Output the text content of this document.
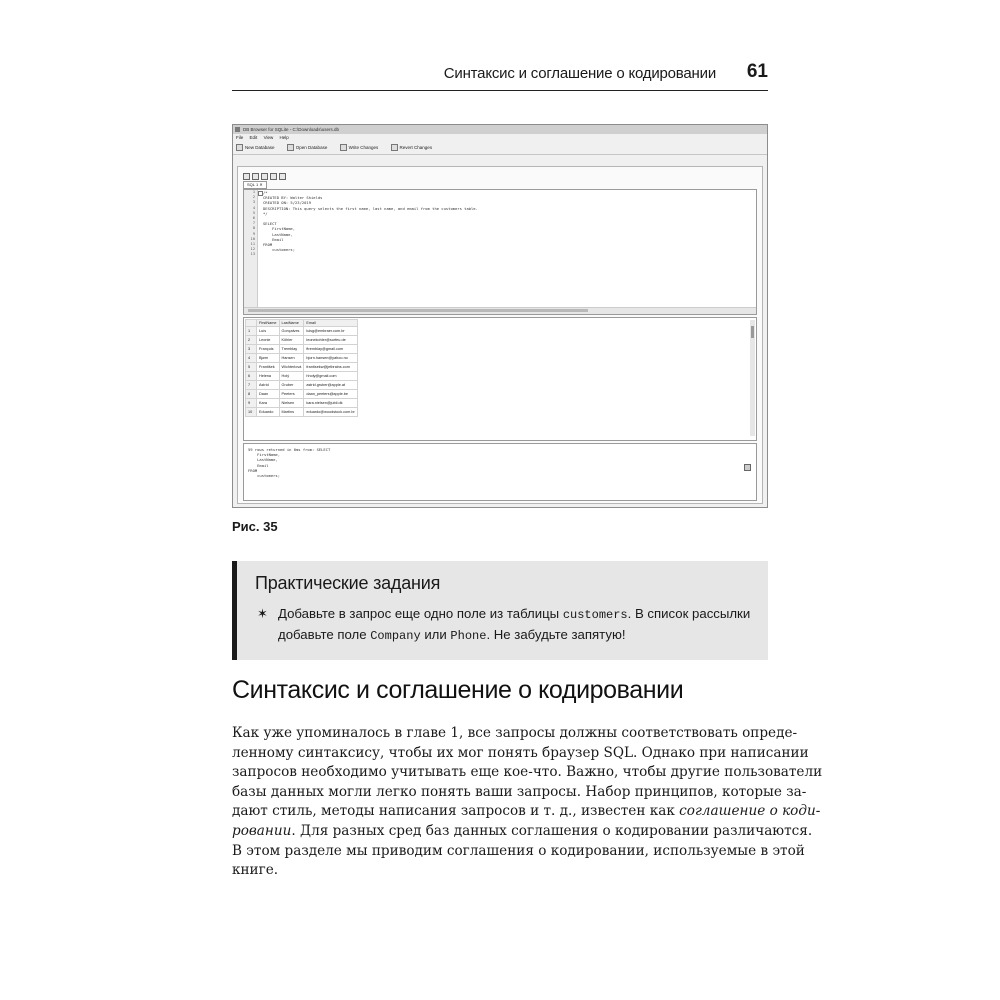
Синтаксис и соглашение о кодировании 61
DB Browser for SQLite - C:\Downloads\users.db
File Edit View Help
New Database	Open Database	Write Changes	Revert Changes
SQL 1 ✕
1
2
3
4
5
6
7
8
9
10
11
12
13
/*
CREATED BY: Walter Shields
CREATED ON: 5/23/2019
DESCRIPTION: This query selects the first name, last name, and email from the customers table.
*/
SELECT
FirstName,
LastName,
Email
FROM
customers;
	FirstName	LastName	Email
1	Luís	Gonçalves	luisg@embraer.com.br
2	Leonie	Köhler	leonekohler@surfeu.de
3	François	Tremblay	ftremblay@gmail.com
4	Bjørn	Hansen	bjorn.hansen@yahoo.no
5	František	Wichterlová	frantisekw@jetbrains.com
6	Helena	Holý	hholy@gmail.com
7	Astrid	Gruber	astrid.gruber@apple.at
8	Daan	Peeters	daan_peeters@apple.be
9	Kara	Nielsen	kara.nielsen@jubii.dk
10	Eduardo	Martins	eduardo@woodstock.com.br
59 rows returned in 0ms from: SELECT
FirstName,
LastName,
Email
FROM
customers;
Рис. 35
Практические задания
✶ Добавьте в запрос еще одно поле из таблицы customers. В список рассылки
добавьте поле Company или Phone. Не забудьте запятую!
Синтаксис и соглашение о кодировании
Как уже упоминалось в главе 1, все запросы должны соответствовать опреде-
ленному синтаксису, чтобы их мог понять браузер SQL. Однако при написании
запросов необходимо учитывать еще кое-что. Важно, чтобы другие пользователи
базы данных могли легко понять ваши запросы. Набор принципов, которые за-
дают стиль, методы написания запросов и т. д., известен как соглашение о коди-
ровании. Для разных сред баз данных соглашения о кодировании различаются.
В этом разделе мы приводим соглашения о кодировании, используемые в этой
книге.
